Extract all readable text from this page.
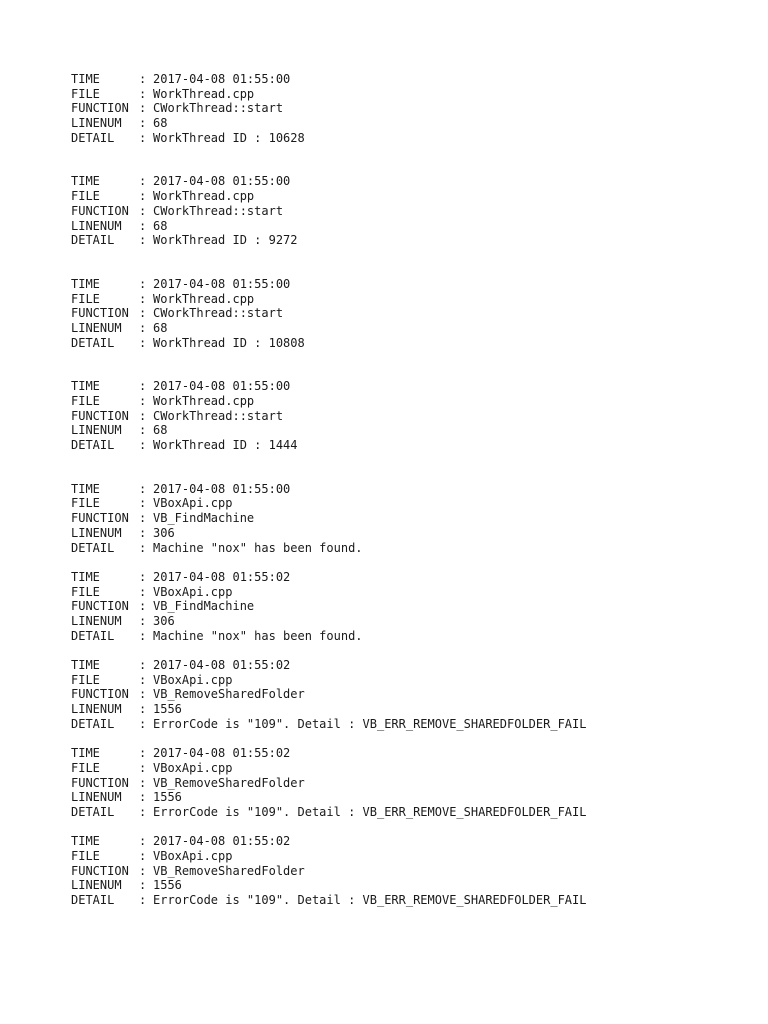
TIME	: 2017-04-08 01:55:00
FILE	: WorkThread.cpp
FUNCTION : CWorkThread::start
LINENUM : 68
DETAIL : WorkThread ID : 10628
TIME	: 2017-04-08 01:55:00
FILE	: WorkThread.cpp
FUNCTION : CWorkThread::start
LINENUM : 68
DETAIL : WorkThread ID : 9272
TIME	: 2017-04-08 01:55:00
FILE	: WorkThread.cpp
FUNCTION : CWorkThread::start
LINENUM : 68
DETAIL : WorkThread ID : 10808
TIME	: 2017-04-08 01:55:00
FILE	: WorkThread.cpp
FUNCTION : CWorkThread::start
LINENUM : 68
DETAIL : WorkThread ID : 1444
TIME	: 2017-04-08 01:55:00
FILE	: VBoxApi.cpp
FUNCTION : VB_FindMachine
LINENUM : 306
DETAIL : Machine "nox" has been found.
TIME	: 2017-04-08 01:55:02
FILE	: VBoxApi.cpp
FUNCTION : VB_FindMachine
LINENUM : 306
DETAIL : Machine "nox" has been found.
TIME	: 2017-04-08 01:55:02
FILE	: VBoxApi.cpp
FUNCTION : VB_RemoveSharedFolder
LINENUM : 1556
DETAIL : ErrorCode is "109". Detail : VB_ERR_REMOVE_SHAREDFOLDER_FAIL
TIME	: 2017-04-08 01:55:02
FILE	: VBoxApi.cpp
FUNCTION : VB_RemoveSharedFolder
LINENUM : 1556
DETAIL : ErrorCode is "109". Detail : VB_ERR_REMOVE_SHAREDFOLDER_FAIL
TIME	: 2017-04-08 01:55:02
FILE	: VBoxApi.cpp
FUNCTION : VB_RemoveSharedFolder
LINENUM : 1556
DETAIL : ErrorCode is "109". Detail : VB_ERR_REMOVE_SHAREDFOLDER_FAIL
